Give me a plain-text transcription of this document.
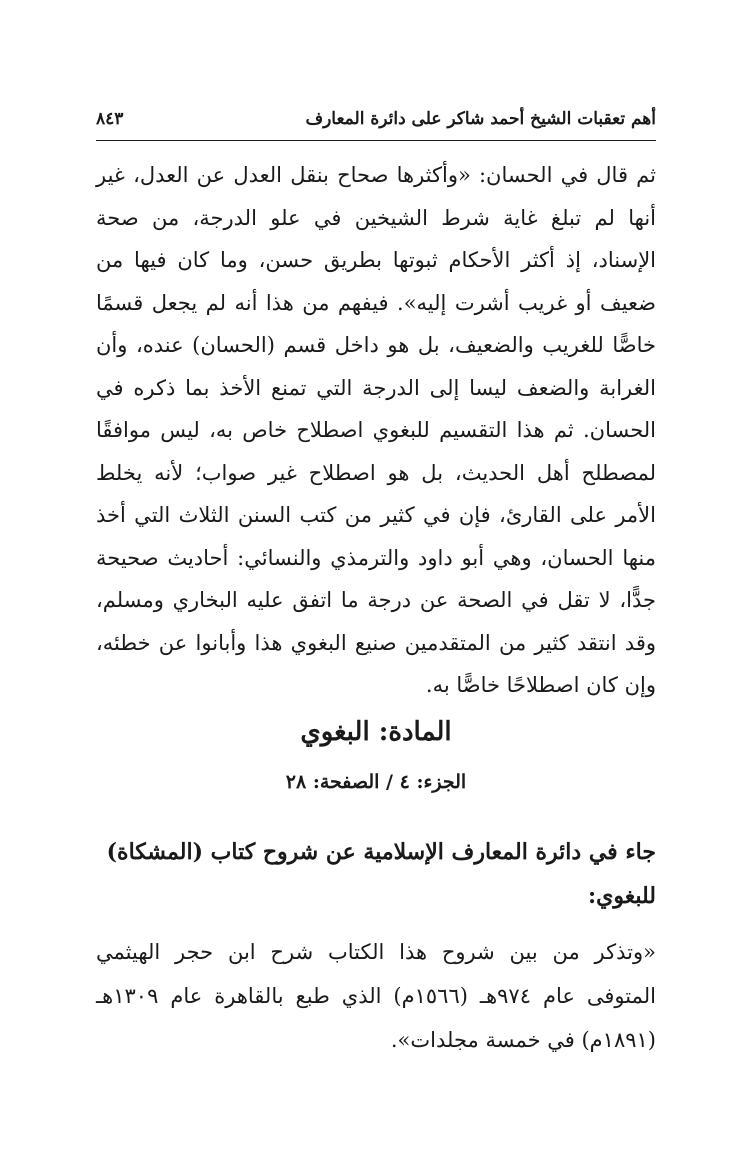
أهم تعقبات الشيخ أحمد شاكر على دائرة المعارف
٨٤٣

ثم قال في الحسان: «وأكثرها صحاح بنقل العدل عن العدل، غير أنها لم تبلغ غاية شرط الشيخين في علو الدرجة، من صحة الإسناد، إذ أكثر الأحكام ثبوتها بطريق حسن، وما كان فيها من ضعيف أو غريب أشرت إليه». فيفهم من هذا أنه لم يجعل قسمًا خاصًّا للغريب والضعيف، بل هو داخل قسم (الحسان) عنده، وأن الغرابة والضعف ليسا إلى الدرجة التي تمنع الأخذ بما ذكره في الحسان. ثم هذا التقسيم للبغوي اصطلاح خاص به، ليس موافقًا لمصطلح أهل الحديث، بل هو اصطلاح غير صواب؛ لأنه يخلط الأمر على القارئ، فإن في كثير من كتب السنن الثلاث التي أخذ منها الحسان، وهي أبو داود والترمذي والنسائي: أحاديث صحيحة جدًّا، لا تقل في الصحة عن درجة ما اتفق عليه البخاري ومسلم، وقد انتقد كثير من المتقدمين صنيع البغوي هذا وأبانوا عن خطئه، وإن كان اصطلاحًا خاصًّا به.

المادة: البغوي
الجزء: ٤ / الصفحة: ٢٨
جاء في دائرة المعارف الإسلامية عن شروح كتاب (المشكاة) للبغوي:

«وتذكر من بين شروح هذا الكتاب شرح ابن حجر الهيثمي المتوفى عام ٩٧٤هـ (١٥٦٦م) الذي طبع بالقاهرة عام ١٣٠٩هـ (١٨٩١م) في خمسة مجلدات».
